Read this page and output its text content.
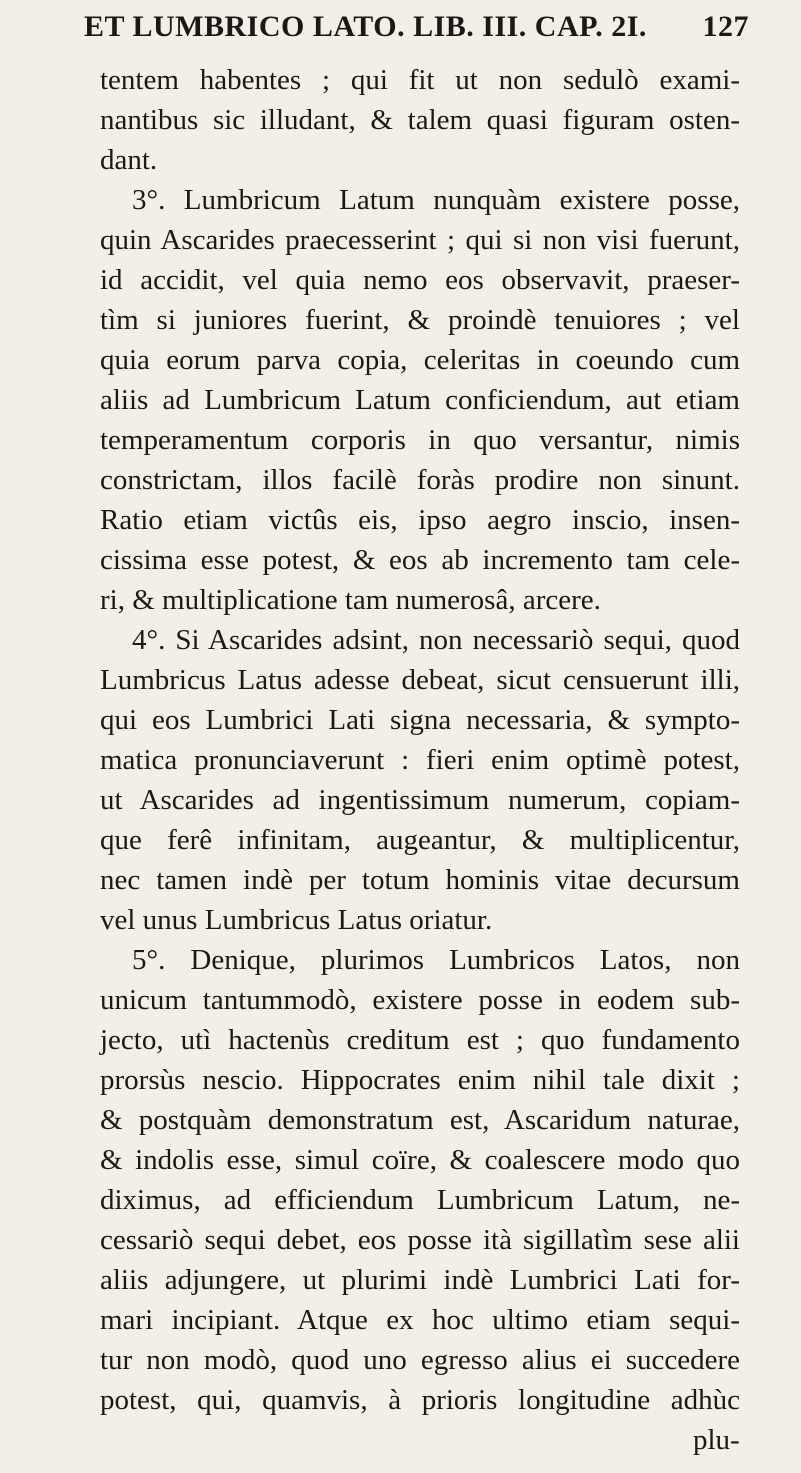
ET LUMBRICO LATO. LIB. III. CAP. 2I. 127
tentem habentes ; qui fit ut non sedulò exami-
nantibus sic illudant, & talem quasi figuram osten-
dant.
3°. Lumbricum Latum nunquàm existere posse,
quin Ascarides praecesserint ; qui si non visi fuerunt,
id accidit, vel quia nemo eos observavit, praeser-
tìm si juniores fuerint, & proindè tenuiores ; vel
quia eorum parva copia, celeritas in coeundo cum
aliis ad Lumbricum Latum conficiendum, aut etiam
temperamentum corporis in quo versantur, nimis
constrictam, illos facilè foràs prodire non sinunt.
Ratio etiam victûs eis, ipso aegro inscio, insen-
cissima esse potest, & eos ab incremento tam cele-
ri, & multiplicatione tam numerosâ, arcere.
4°. Si Ascarides adsint, non necessariò sequi, quod
Lumbricus Latus adesse debeat, sicut censuerunt illi,
qui eos Lumbrici Lati signa necessaria, & sympto-
matica pronunciaverunt : fieri enim optimè potest,
ut Ascarides ad ingentissimum numerum, copiam-
que ferê infinitam, augeantur, & multiplicentur,
nec tamen indè per totum hominis vitae decursum
vel unus Lumbricus Latus oriatur.
5°. Denique, plurimos Lumbricos Latos, non
unicum tantummodò, existere posse in eodem sub-
jecto, utì hactenùs creditum est ; quo fundamento
prorsùs nescio. Hippocrates enim nihil tale dixit ;
& postquàm demonstratum est, Ascaridum naturae,
& indolis esse, simul coïre, & coalescere modo quo
diximus, ad efficiendum Lumbricum Latum, ne-
cessariò sequi debet, eos posse ità sigillatìm sese alii
aliis adjungere, ut plurimi indè Lumbrici Lati for-
mari incipiant. Atque ex hoc ultimo etiam sequi-
tur non modò, quod uno egresso alius ei succedere
potest, qui, quamvis, à prioris longitudine adhùc
plu-
